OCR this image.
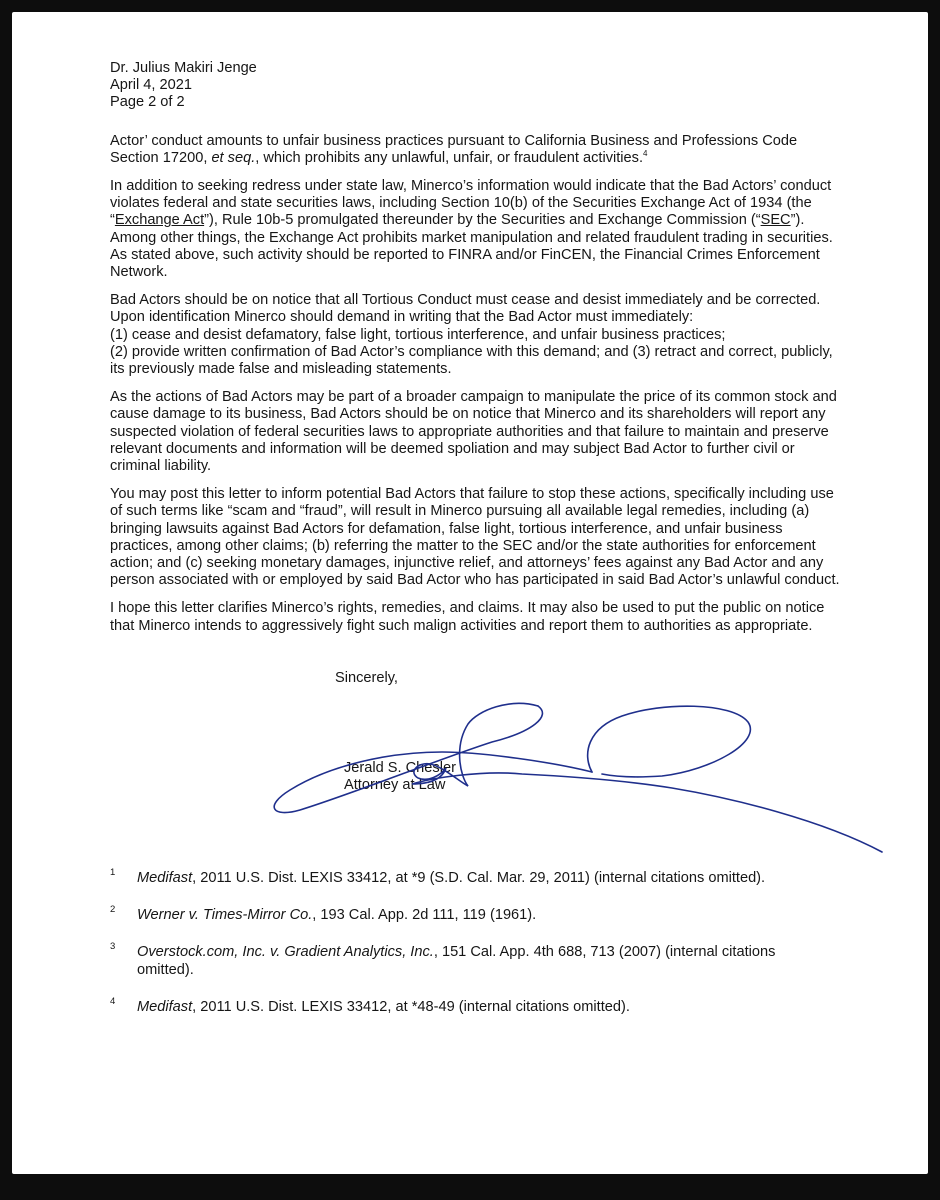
Dr. Julius Makiri Jenge
April 4, 2021
Page 2 of 2

Actor’ conduct amounts to unfair business practices pursuant to California Business and Professions Code Section 17200, et seq., which prohibits any unlawful, unfair, or fraudulent activities.$^4$

In addition to seeking redress under state law, Minerco’s information would indicate that the Bad Actors’ conduct violates federal and state securities laws, including Section 10(b) of the Securities Exchange Act of 1934 (the “Exchange Act”), Rule 10b-5 promulgated thereunder by the Securities and Exchange Commission (“SEC”). Among other things, the Exchange Act prohibits market manipulation and related fraudulent trading in securities. As stated above, such activity should be reported to FINRA and/or FinCEN, the Financial Crimes Enforcement Network.

Bad Actors should be on notice that all Tortious Conduct must cease and desist immediately and be corrected. Upon identification Minerco should demand in writing that the Bad Actor must immediately:
(1) cease and desist defamatory, false light, tortious interference, and unfair business practices;
(2) provide written confirmation of Bad Actor’s compliance with this demand; and (3) retract and correct, publicly, its previously made false and misleading statements.

As the actions of Bad Actors may be part of a broader campaign to manipulate the price of its common stock and cause damage to its business, Bad Actors should be on notice that Minerco and its shareholders will report any suspected violation of federal securities laws to appropriate authorities and that failure to maintain and preserve relevant documents and information will be deemed spoliation and may subject Bad Actor to further civil or criminal liability.

You may post this letter to inform potential Bad Actors that failure to stop these actions, specifically including use of such terms like “scam and “fraud”, will result in Minerco pursuing all available legal remedies, including (a) bringing lawsuits against Bad Actors for defamation, false light, tortious interference, and unfair business practices, among other claims; (b) referring the matter to the SEC and/or the state authorities for enforcement action; and (c) seeking monetary damages, injunctive relief, and attorneys’ fees against any Bad Actor and any person associated with or employed by said Bad Actor who has participated in said Bad Actor’s unlawful conduct.

I hope this letter clarifies Minerco’s rights, remedies, and claims. It may also be used to put the public on notice that Minerco intends to aggressively fight such malign activities and report them to authorities as appropriate.

Sincerely,
Jerald S. Chesler
Attorney at Law
1 Medifast, 2011 U.S. Dist. LEXIS 33412, at *9 (S.D. Cal. Mar. 29, 2011) (internal citations omitted).
2 Werner v. Times-Mirror Co., 193 Cal. App. 2d 111, 119 (1961).
3 Overstock.com, Inc. v. Gradient Analytics, Inc., 151 Cal. App. 4th 688, 713 (2007) (internal citations omitted).
4 Medifast, 2011 U.S. Dist. LEXIS 33412, at *48-49 (internal citations omitted).
